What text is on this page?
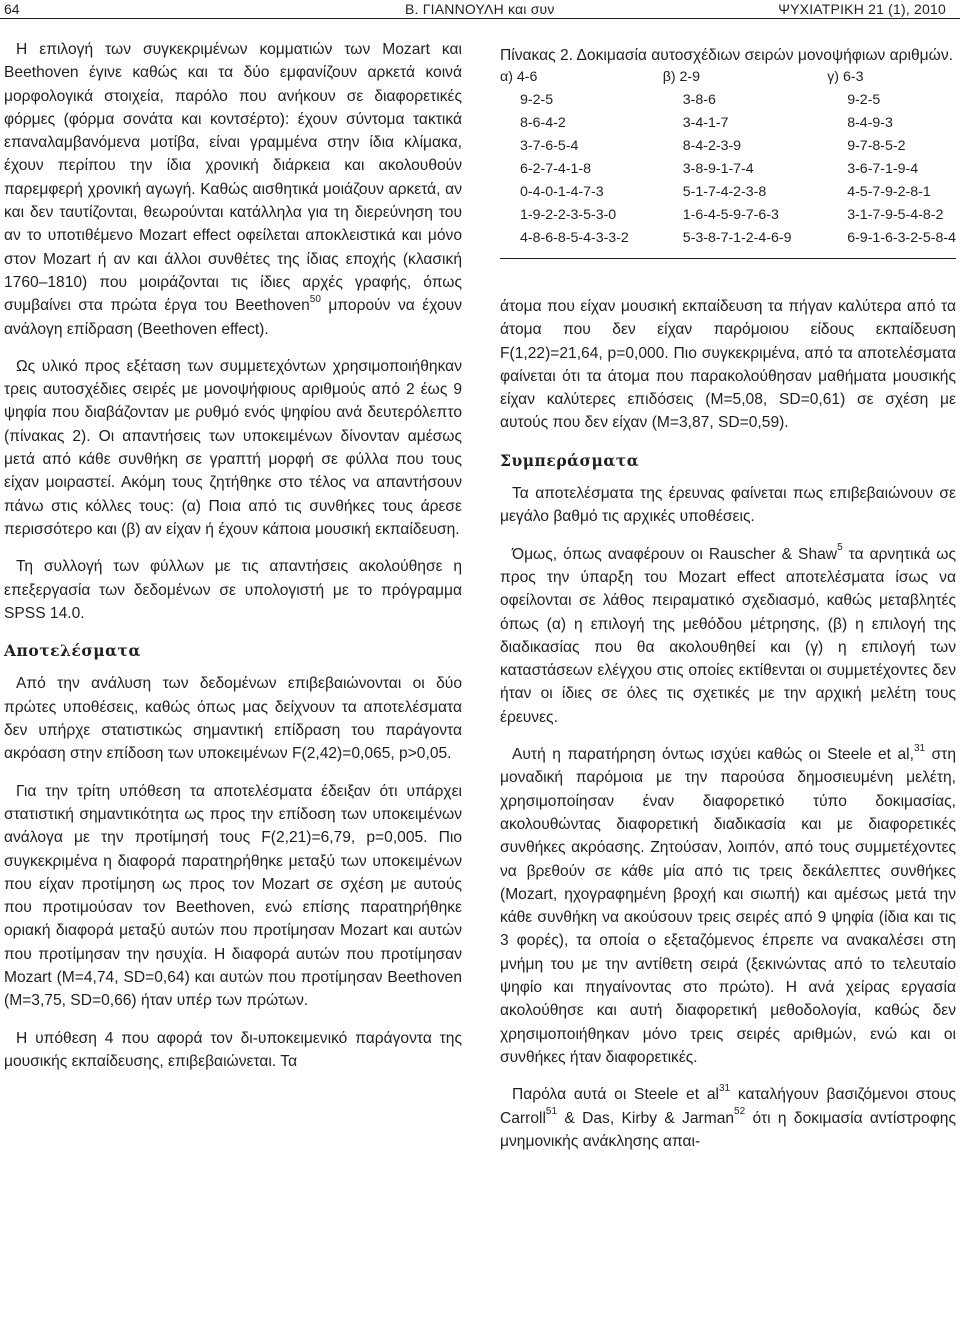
64	Β. ΓΙΑΝΝΟΥΛΗ και συν	ΨΥΧΙΑΤΡΙΚΗ 21 (1), 2010

Η επιλογή των συγκεκριμένων κομματιών των Mozart και Beethoven έγινε καθώς και τα δύο εμφανίζουν αρκετά κοινά μορφολογικά στοιχεία, παρόλο που ανήκουν σε διαφορετικές φόρμες (φόρμα σονάτα και κοντσέρτο): έχουν σύντομα τακτικά επαναλαμβανόμενα μοτίβα, είναι γραμμένα στην ίδια κλίμακα, έχουν περίπου την ίδια χρονική διάρκεια και ακολουθούν παρεμφερή χρονική αγωγή. Καθώς αισθητικά μοιάζουν αρκετά, αν και δεν ταυτίζονται, θεωρούνται κατάλληλα για τη διερεύνηση του αν το υποτιθέμενο Mozart effect οφείλεται αποκλειστικά και μόνο στον Mozart ή αν και άλλοι συνθέτες της ίδιας εποχής (κλασική 1760–1810) που μοιράζονται τις ίδιες αρχές γραφής, όπως συμβαίνει στα πρώτα έργα του Beethoven$^{50}$ μπορούν να έχουν ανάλογη επίδραση (Beethoven effect).

Ως υλικό προς εξέταση των συμμετεχόντων χρησιμοποιήθηκαν τρεις αυτοσχέδιες σειρές με μονοψήφιους αριθμούς από 2 έως 9 ψηφία που διαβάζονταν με ρυθμό ενός ψηφίου ανά δευτερόλεπτο (πίνακας 2). Οι απαντήσεις των υποκειμένων δίνονταν αμέσως μετά από κάθε συνθήκη σε γραπτή μορφή σε φύλλα που τους είχαν μοιραστεί. Ακόμη τους ζητήθηκε στο τέλος να απαντήσουν πάνω στις κόλλες τους: (α) Ποια από τις συνθήκες τους άρεσε περισσότερο και (β) αν είχαν ή έχουν κάποια μουσική εκπαίδευση.

Τη συλλογή των φύλλων με τις απαντήσεις ακολούθησε η επεξεργασία των δεδομένων σε υπολογιστή με το πρόγραμμα SPSS 14.0.

Αποτελέσματα

Από την ανάλυση των δεδομένων επιβεβαιώνονται οι δύο πρώτες υποθέσεις, καθώς όπως μας δείχνουν τα αποτελέσματα δεν υπήρχε στατιστικώς σημαντική επίδραση του παράγοντα ακρόαση στην επίδοση των υποκειμένων F(2,42)=0,065, p>0,05.

Για την τρίτη υπόθεση τα αποτελέσματα έδειξαν ότι υπάρχει στατιστική σημαντικότητα ως προς την επίδοση των υποκειμένων ανάλογα με την προτίμησή τους F(2,21)=6,79, p=0,005. Πιο συγκεκριμένα η διαφορά παρατηρήθηκε μεταξύ των υποκειμένων που είχαν προτίμηση ως προς τον Mozart σε σχέση με αυτούς που προτιμούσαν τον Beethoven, ενώ επίσης παρατηρήθηκε οριακή διαφορά μεταξύ αυτών που προτίμησαν Mozart και αυτών που προτίμησαν την ησυχία. Η διαφορά αυτών που προτίμησαν Mozart (M=4,74, SD=0,64) και αυτών που προτίμησαν Beethoven (M=3,75, SD=0,66) ήταν υπέρ των πρώτων.

Η υπόθεση 4 που αφορά τον δι-υποκειμενικό παράγοντα της μουσικής εκπαίδευσης, επιβεβαιώνεται. Τα

Πίνακας 2. Δοκιμασία αυτοσχέδιων σειρών μονοψήφιων αριθμών.

α) 4-6	β) 2-9	γ) 6-3
9-2-5	3-8-6	9-2-5
8-6-4-2	3-4-1-7	8-4-9-3
3-7-6-5-4	8-4-2-3-9	9-7-8-5-2
6-2-7-4-1-8	3-8-9-1-7-4	3-6-7-1-9-4
0-4-0-1-4-7-3	5-1-7-4-2-3-8	4-5-7-9-2-8-1
1-9-2-2-3-5-3-0	1-6-4-5-9-7-6-3	3-1-7-9-5-4-8-2
4-8-6-8-5-4-3-3-2	5-3-8-7-1-2-4-6-9	6-9-1-6-3-2-5-8-4

άτομα που είχαν μουσική εκπαίδευση τα πήγαν καλύτερα από τα άτομα που δεν είχαν παρόμοιου είδους εκπαίδευση F(1,22)=21,64, p=0,000. Πιο συγκεκριμένα, από τα αποτελέσματα φαίνεται ότι τα άτομα που παρακολούθησαν μαθήματα μουσικής είχαν καλύτερες επιδόσεις (M=5,08, SD=0,61) σε σχέση με αυτούς που δεν είχαν (M=3,87, SD=0,59).

Συμπεράσματα

Τα αποτελέσματα της έρευνας φαίνεται πως επιβεβαιώνουν σε μεγάλο βαθμό τις αρχικές υποθέσεις.

Όμως, όπως αναφέρουν οι Rauscher & Shaw$^5$ τα αρνητικά ως προς την ύπαρξη του Mozart effect αποτελέσματα ίσως να οφείλονται σε λάθος πειραματικό σχεδιασμό, καθώς μεταβλητές όπως (α) η επιλογή της μεθόδου μέτρησης, (β) η επιλογή της διαδικασίας που θα ακολουθηθεί και (γ) η επιλογή των καταστάσεων ελέγχου στις οποίες εκτίθενται οι συμμετέχοντες δεν ήταν οι ίδιες σε όλες τις σχετικές με την αρχική μελέτη τους έρευνες.

Αυτή η παρατήρηση όντως ισχύει καθώς οι Steele et al,$^{31}$ στη μοναδική παρόμοια με την παρούσα δημοσιευμένη μελέτη, χρησιμοποίησαν έναν διαφορετικό τύπο δοκιμασίας, ακολουθώντας διαφορετική διαδικασία και με διαφορετικές συνθήκες ακρόασης. Ζητούσαν, λοιπόν, από τους συμμετέχοντες να βρεθούν σε κάθε μία από τις τρεις δεκάλεπτες συνθήκες (Mozart, ηχογραφημένη βροχή και σιωπή) και αμέσως μετά την κάθε συνθήκη να ακούσουν τρεις σειρές από 9 ψηφία (ίδια και τις 3 φορές), τα οποία ο εξεταζόμενος έπρεπε να ανακαλέσει στη μνήμη του με την αντίθετη σειρά (ξεκινώντας από το τελευταίο ψηφίο και πηγαίνοντας στο πρώτο). Η ανά χείρας εργασία ακολούθησε και αυτή διαφορετική μεθοδολογία, καθώς δεν χρησιμοποιήθηκαν μόνο τρεις σειρές αριθμών, ενώ και οι συνθήκες ήταν διαφορετικές.

Παρόλα αυτά οι Steele et $al^{31}$ καταλήγουν βασιζόμενοι στους Carroll$^{51}$ & Das, Kirby & Jarman$^{52}$ ότι η δοκιμασία αντίστροφης μνημονικής ανάκλησης απαι-
